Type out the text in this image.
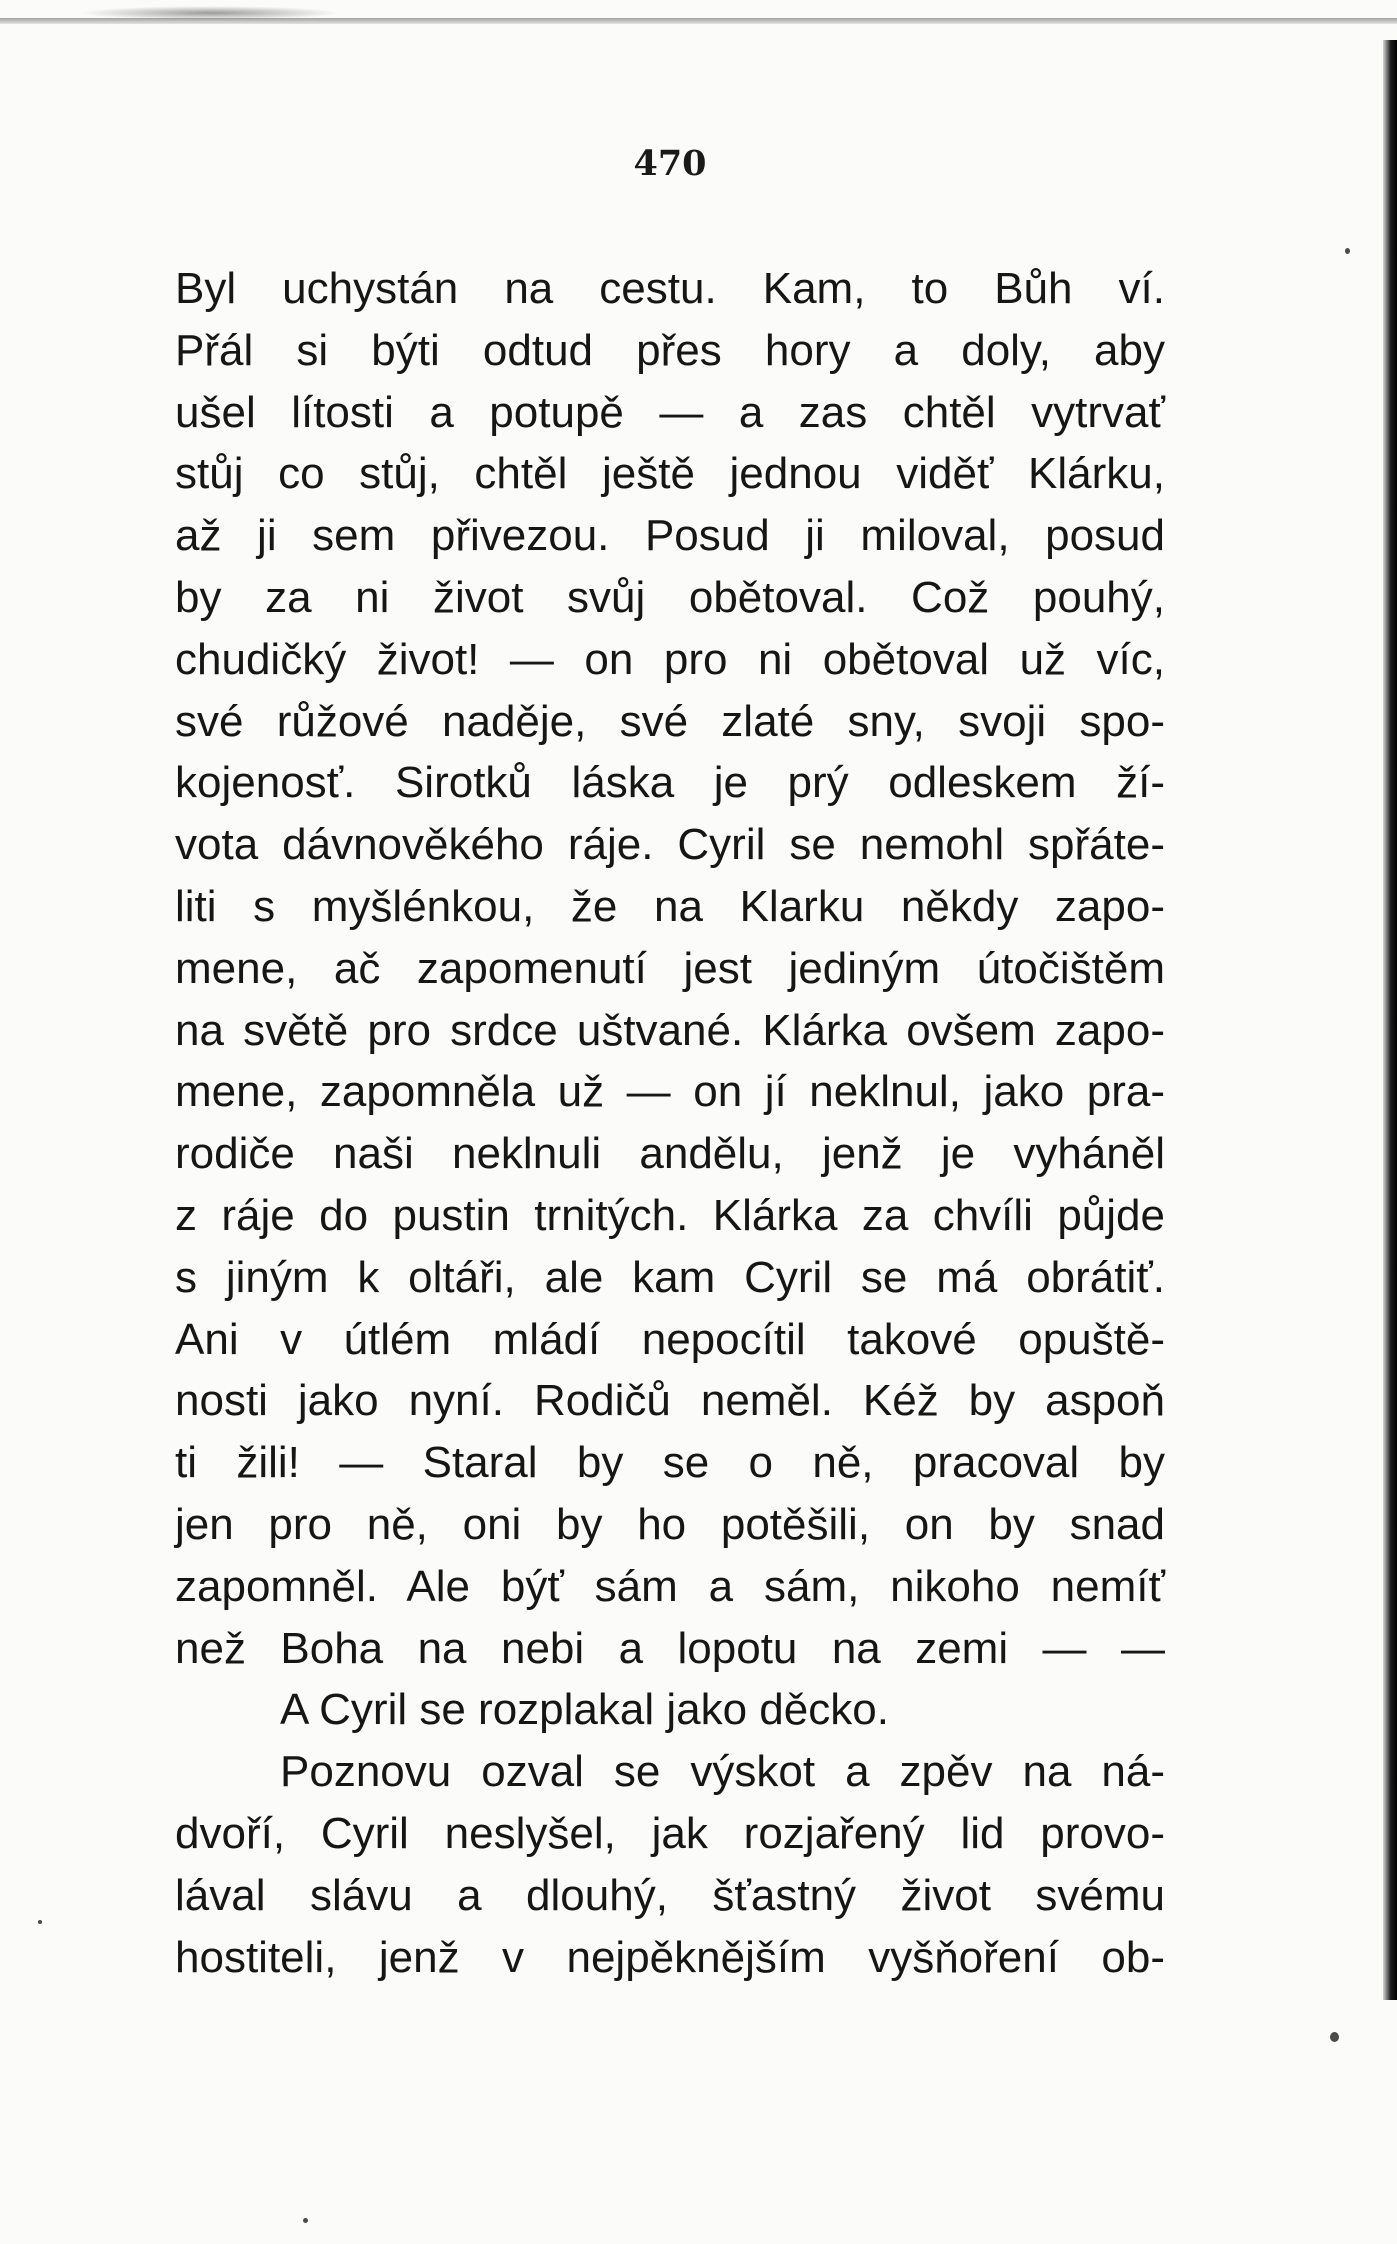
470
Byl uchystán na cestu. Kam, to Bůh ví.
Přál si býti odtud přes hory a doly, aby
ušel lítosti a potupě — a zas chtěl vytrvať
stůj co stůj, chtěl ještě jednou viděť Klárku,
až ji sem přivezou. Posud ji miloval, posud
by za ni život svůj obětoval. Což pouhý,
chudičký život! — on pro ni obětoval už víc,
své růžové naděje, své zlaté sny, svoji spo-
kojenosť. Sirotků láska je prý odleskem ží-
vota dávnověkého ráje. Cyril se nemohl spřáte-
liti s myšlénkou, že na Klarku někdy zapo-
mene, ač zapomenutí jest jediným útočištěm
na světě pro srdce uštvané. Klárka ovšem zapo-
mene, zapomněla už — on jí neklnul, jako pra-
rodiče naši neklnuli andělu, jenž je vyháněl
z ráje do pustin trnitých. Klárka za chvíli půjde
s jiným k oltáři, ale kam Cyril se má obrátiť.
Ani v útlém mládí nepocítil takové opuště-
nosti jako nyní. Rodičů neměl. Kéž by aspoň
ti žili! — Staral by se o ně, pracoval by
jen pro ně, oni by ho potěšili, on by snad
zapomněl. Ale býť sám a sám, nikoho nemíť
než Boha na nebi a lopotu na zemi — —
A Cyril se rozplakal jako děcko.
Poznovu ozval se výskot a zpěv na ná-
dvoří, Cyril neslyšel, jak rozjařený lid provo-
lával slávu a dlouhý, šťastný život svému
hostiteli, jenž v nejpěknějším vyšňoření ob-
